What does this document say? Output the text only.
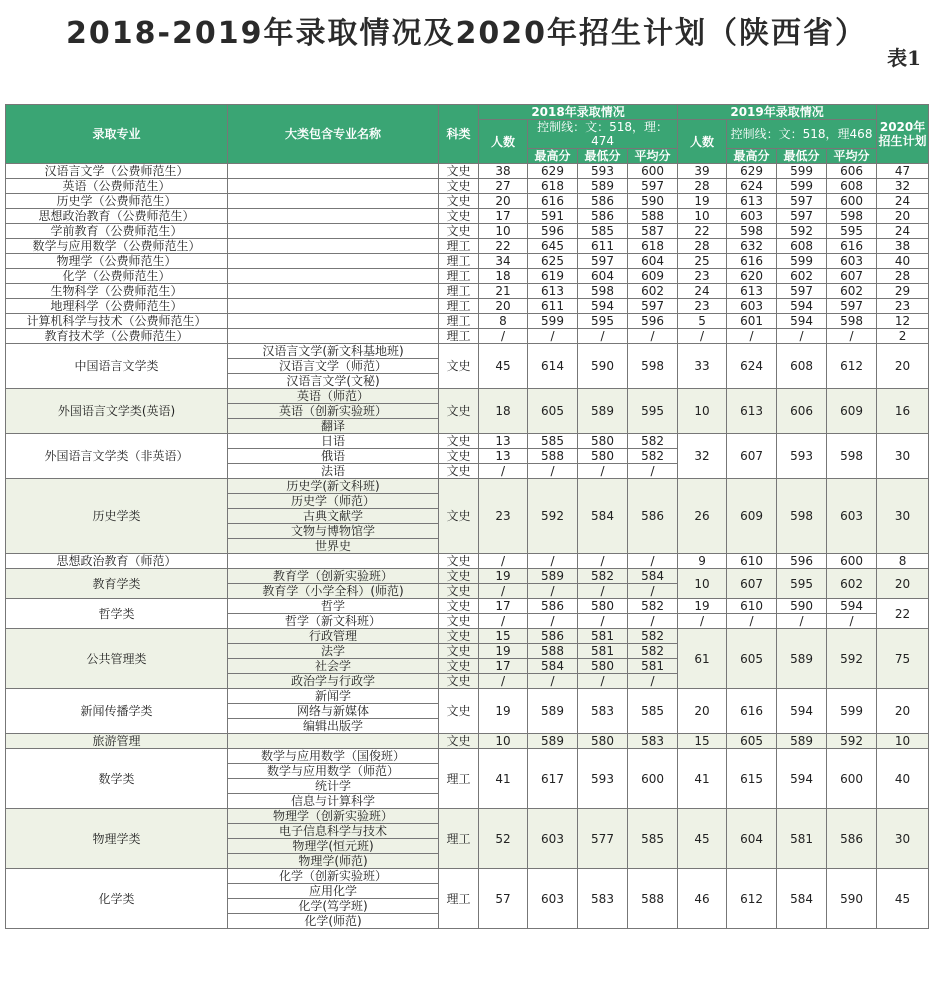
2018-2019年录取情况及2020年招生计划（陕西省）
表1
录取专业	大类包含专业名称	科类	2018年录取情况				2019年录取情况				2020年招生计划
			人数	控制线：文：518，理：474			人数	控制线：文：518，理468			
				最高分	最低分	平均分		最高分	最低分	平均分	
汉语言文学（公费师范生）		文史	38	629	593	600	39	629	599	606	47
英语（公费师范生）		文史	27	618	589	597	28	624	599	608	32
历史学（公费师范生）		文史	20	616	586	590	19	613	597	600	24
思想政治教育（公费师范生）		文史	17	591	586	588	10	603	597	598	20
学前教育（公费师范生）		文史	10	596	585	587	22	598	592	595	24
数学与应用数学（公费师范生）		理工	22	645	611	618	28	632	608	616	38
物理学（公费师范生）		理工	34	625	597	604	25	616	599	603	40
化学（公费师范生）		理工	18	619	604	609	23	620	602	607	28
生物科学（公费师范生）		理工	21	613	598	602	24	613	597	602	29
地理科学（公费师范生）		理工	20	611	594	597	23	603	594	597	23
计算机科学与技术（公费师范生）		理工	8	599	595	596	5	601	594	598	12
教育技术学（公费师范生）		理工	/	/	/	/	/	/	/	/	2
中国语言文学类	汉语言文学(新文科基地班)	文史	45	614	590	598	33	624	608	612	20
	汉语言文学（师范）										
	汉语言文学(文秘)										
外国语言文学类(英语)	英语（师范）	文史	18	605	589	595	10	613	606	609	16
	英语（创新实验班）										
	翻译										
外国语言文学类（非英语）	日语	文史	13	585	580	582	32	607	593	598	30
	俄语	文史	13	588	580	582					
	法语	文史	/	/	/	/					
历史学类	历史学(新文科班)	文史	23	592	584	586	26	609	598	603	30
	历史学（师范）										
	古典文献学										
	文物与博物馆学										
	世界史										
思想政治教育（师范）		文史	/	/	/	/	9	610	596	600	8
教育学类	教育学（创新实验班）	文史	19	589	582	584	10	607	595	602	20
	教育学（小学全科）(师范)	文史	/	/	/	/					
哲学类	哲学	文史	17	586	580	582	19	610	590	594	22
	哲学（新文科班）	文史	/	/	/	/	/	/	/	/	
公共管理类	行政管理	文史	15	586	581	582	61	605	589	592	75
	法学	文史	19	588	581	582					
	社会学	文史	17	584	580	581					
	政治学与行政学	文史	/	/	/	/					
新闻传播学类	新闻学	文史	19	589	583	585	20	616	594	599	20
	网络与新媒体										
	编辑出版学										
旅游管理		文史	10	589	580	583	15	605	589	592	10
数学类	数学与应用数学（国俊班）	理工	41	617	593	600	41	615	594	600	40
	数学与应用数学（师范）										
	统计学										
	信息与计算科学										
物理学类	物理学（创新实验班）	理工	52	603	577	585	45	604	581	586	30
	电子信息科学与技术										
	物理学(恒元班)										
	物理学(师范)										
化学类	化学（创新实验班）	理工	57	603	583	588	46	612	584	590	45
	应用化学										
	化学(笃学班)										
	化学(师范)										
